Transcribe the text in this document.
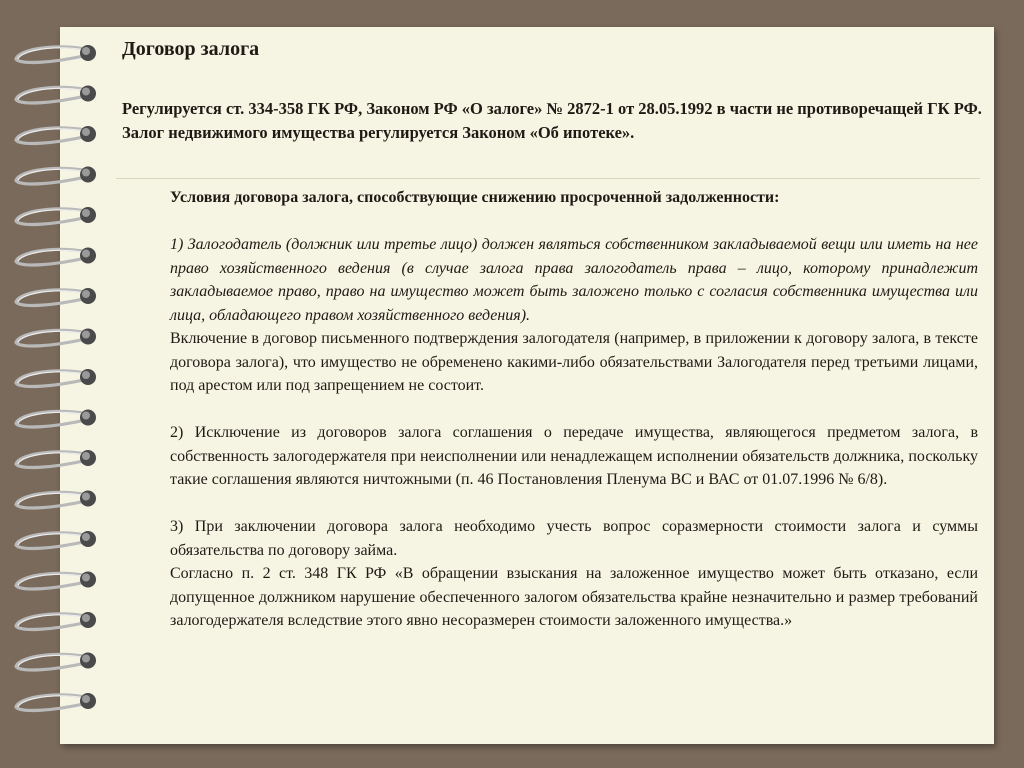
Договор залога

Регулируется ст. 334-358 ГК РФ, Законом РФ «О залоге» № 2872-1 от 28.05.1992 в части не противоречащей ГК РФ.

Залог недвижимого имущества регулируется Законом «Об ипотеке».

Условия договора залога, способствующие снижению просроченной задолженности:

1) Залогодатель (должник или третье лицо) должен являться собственником закладываемой вещи или иметь на нее право хозяйственного ведения (в случае залога права залогодатель права – лицо, которому принадлежит закладываемое право, право на имущество может быть заложено только с согласия собственника имущества или лица, обладающего правом хозяйственного ведения).

Включение в договор письменного подтверждения залогодателя (например, в приложении к договору залога, в тексте договора залога), что имущество не обременено какими-либо обязательствами Залогодателя перед третьими лицами, под арестом или под запрещением не состоит.

2) Исключение из договоров залога соглашения о передаче имущества, являющегося предметом залога, в собственность залогодержателя при неисполнении или ненадлежащем исполнении обязательств должника, поскольку такие соглашения являются ничтожными (п. 46 Постановления Пленума ВС и ВАС от 01.07.1996 № 6/8).

3) При заключении договора залога необходимо учесть вопрос соразмерности стоимости залога и суммы обязательства по договору займа.

Согласно п. 2 ст. 348 ГК РФ «В обращении взыскания на заложенное имущество может быть отказано, если допущенное должником нарушение обеспеченного залогом обязательства крайне незначительно и размер требований залогодержателя вследствие этого явно несоразмерен стоимости заложенного имущества.»
